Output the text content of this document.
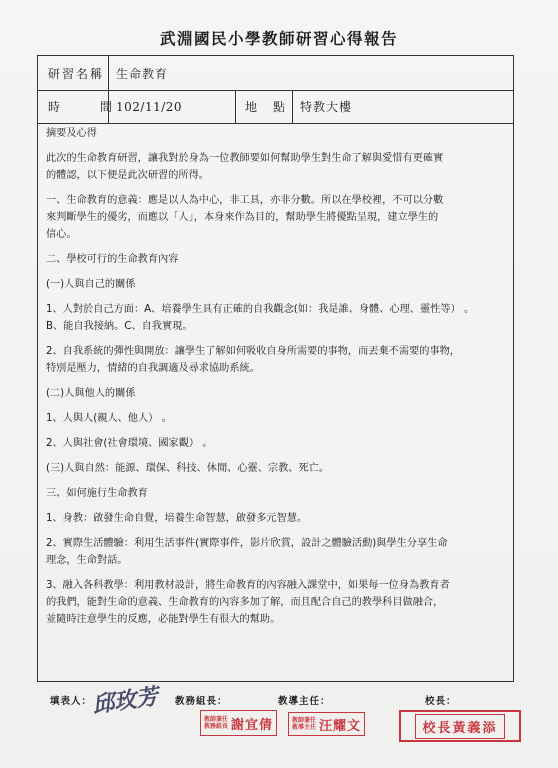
武淵國民小學教師研習心得報告
研習名稱 生命教育
時	間 102/11/20	地 點 特教大樓

摘要及心得

此次的生命教育研習，讓我對於身為一位教師要如何幫助學生對生命了解與愛惜有更確實

的體認，以下便是此次研習的所得。

一、生命教育的意義：應是以人為中心，非工具，亦非分數。所以在學校裡，不可以分數

來判斷學生的優劣，而應以「人」，本身來作為目的，幫助學生將優點呈現，建立學生的

信心。

二、學校可行的生命教育內容

(一)人與自己的關係

1、人對於自己方面：A、培養學生具有正確的自我觀念(如：我是誰、身體、心理、靈性等） 。

B、能自我接納。C、自我實現。

2、自我系統的彈性與開放：讓學生了解如何吸收自身所需要的事物，而丟棄不需要的事物，

特別是壓力，情緒的自我調適及尋求協助系統。

(二)人與他人的關係

1、人與人(親人、他人） 。

2、人與社會(社會環境、國家觀） 。

(三)人與自然：能源、環保、科技、休閒、心靈、宗教、死亡。

三、如何施行生命教育

1、身教：啟發生命自覺，培養生命智慧，啟發多元智慧。

2、實際生活體驗：利用生活事件(實際事件，影片欣賞，設計之體驗活動)與學生分享生命

理念，生命對話。

3、融入各科教學：利用教材設計，將生命教育的內容融入課堂中，如果每一位身為教育者

的我們，能對生命的意義、生命教育的內容多加了解，而且配合自己的教學科目做融合，

並隨時注意學生的反應，必能對學生有很大的幫助。

填表人：
邱玫芳 教務組長：
教師兼任
教務組長 謝宜倩
教導主任：
教師兼任
教導主任 汪耀文
校長：
校長黃義添
